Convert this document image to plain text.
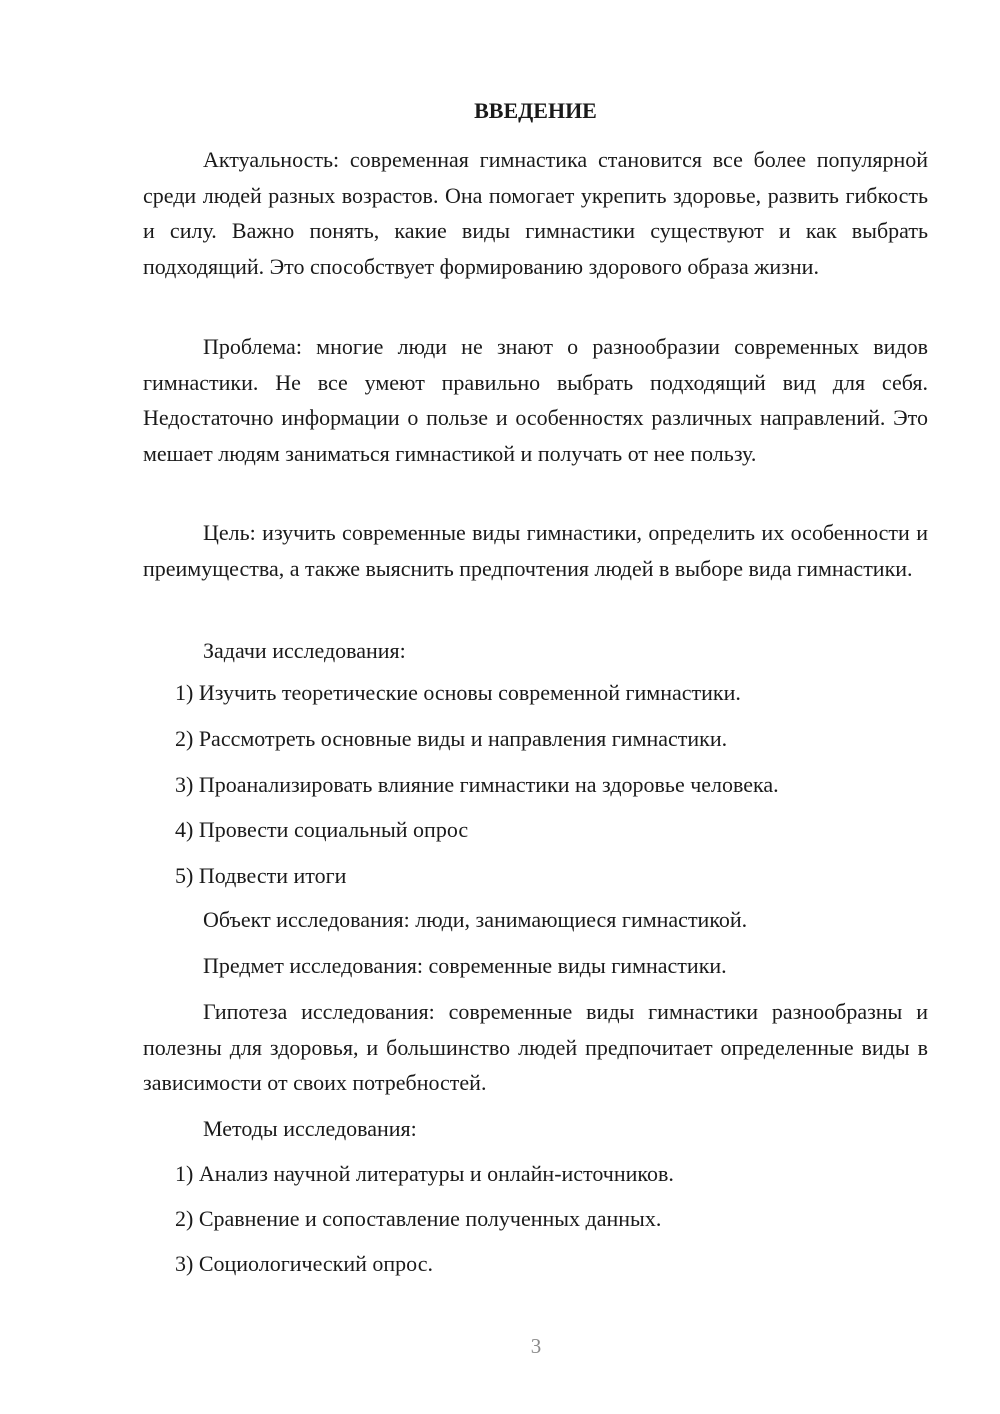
ВВЕДЕНИЕ

Актуальность: современная гимнастика становится все более популярной среди людей разных возрастов. Она помогает укрепить здоровье, развить гибкость и силу. Важно понять, какие виды гимнастики существуют и как выбрать подходящий. Это способствует формированию здорового образа жизни.

Проблема: многие люди не знают о разнообразии современных видов гимнастики. Не все умеют правильно выбрать подходящий вид для себя. Недостаточно информации о пользе и особенностях различных направлений. Это мешает людям заниматься гимнастикой и получать от нее пользу.

Цель: изучить современные виды гимнастики, определить их особенности и преимущества, а также выяснить предпочтения людей в выборе вида гимнастики.

Задачи исследования:

1) Изучить теоретические основы современной гимнастики.

2) Рассмотреть основные виды и направления гимнастики.

3) Проанализировать влияние гимнастики на здоровье человека.

4) Провести социальный опрос

5) Подвести итоги

Объект исследования: люди, занимающиеся гимнастикой.

Предмет исследования: современные виды гимнастики.

Гипотеза исследования: современные виды гимнастики разнообразны и полезны для здоровья, и большинство людей предпочитает определенные виды в зависимости от своих потребностей.

Методы исследования:

1) Анализ научной литературы и онлайн-источников.

2) Сравнение и сопоставление полученных данных.

3) Социологический опрос.

3
